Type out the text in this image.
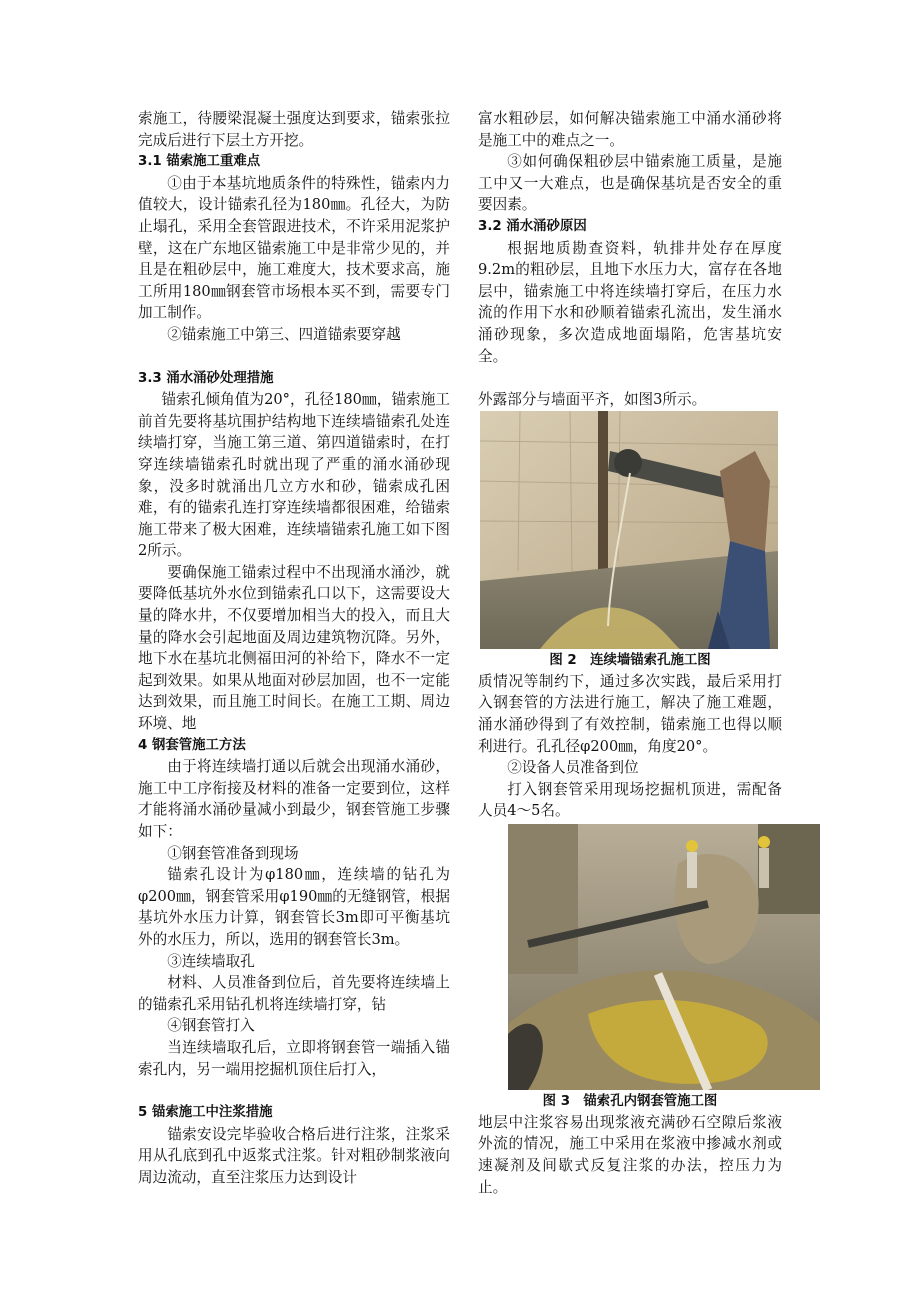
索施工，待腰梁混凝土强度达到要求，锚索张拉完成后进行下层土方开挖。

3.1 锚索施工重难点

①由于本基坑地质条件的特殊性，锚索内力值较大，设计锚索孔径为180㎜。孔径大，为防止塌孔，采用全套管跟进技术，不许采用泥浆护壁，这在广东地区锚索施工中是非常少见的，并且是在粗砂层中，施工难度大，技术要求高，施工所用180㎜钢套管市场根本买不到，需要专门加工制作。

②锚索施工中第三、四道锚索要穿越

3.3 涌水涌砂处理措施

锚索孔倾角值为20°，孔径180㎜，锚索施工前首先要将基坑围护结构地下连续墙锚索孔处连续墙打穿，当施工第三道、第四道锚索时，在打穿连续墙锚索孔时就出现了严重的涌水涌砂现象，没多时就涌出几立方水和砂，锚索成孔困难，有的锚索孔连打穿连续墙都很困难，给锚索施工带来了极大困难，连续墙锚索孔施工如下图2所示。

要确保施工锚索过程中不出现涌水涌沙，就要降低基坑外水位到锚索孔口以下，这需要设大量的降水井，不仅要增加相当大的投入，而且大量的降水会引起地面及周边建筑物沉降。另外，地下水在基坑北侧福田河的补给下，降水不一定起到效果。如果从地面对砂层加固，也不一定能达到效果，而且施工时间长。在施工工期、周边环境、地

4 钢套管施工方法

由于将连续墙打通以后就会出现涌水涌砂，施工中工序衔接及材料的准备一定要到位，这样才能将涌水涌砂量减小到最少，钢套管施工步骤如下：

①钢套管准备到现场

锚索孔设计为φ180㎜，连续墙的钻孔为φ200㎜，钢套管采用φ190㎜的无缝钢管，根据基坑外水压力计算，钢套管长3m即可平衡基坑外的水压力，所以，选用的钢套管长3m。

③连续墙取孔

材料、人员准备到位后，首先要将连续墙上的锚索孔采用钻孔机将连续墙打穿，钻

④钢套管打入

当连续墙取孔后，立即将钢套管一端插入锚索孔内，另一端用挖掘机顶住后打入，

5 锚索施工中注浆措施

锚索安设完毕验收合格后进行注浆，注浆采用从孔底到孔中返浆式注浆。针对粗砂制浆液向周边流动，直至注浆压力达到设计

富水粗砂层，如何解决锚索施工中涌水涌砂将是施工中的难点之一。

③如何确保粗砂层中锚索施工质量，是施工中又一大难点，也是确保基坑是否安全的重要因素。

3.2 涌水涌砂原因

根据地质勘查资料，轨排井处存在厚度9.2m的粗砂层，且地下水压力大，富存在各地层中，锚索施工中将连续墙打穿后，在压力水流的作用下水和砂顺着锚索孔流出，发生涌水涌砂现象，多次造成地面塌陷，危害基坑安全。

外露部分与墙面平齐，如图3所示。

图 2　连续墙锚索孔施工图

质情况等制约下，通过多次实践，最后采用打入钢套管的方法进行施工，解决了施工难题，涌水涌砂得到了有效控制，锚索施工也得以顺利进行。孔孔径φ200㎜，角度20°。

②设备人员准备到位

打入钢套管采用现场挖掘机顶进，需配备人员4～5名。

图 3　锚索孔内钢套管施工图

地层中注浆容易出现浆液充满砂石空隙后浆液外流的情况，施工中采用在浆液中掺减水剂或速凝剂及间歇式反复注浆的办法，控压力为止。
